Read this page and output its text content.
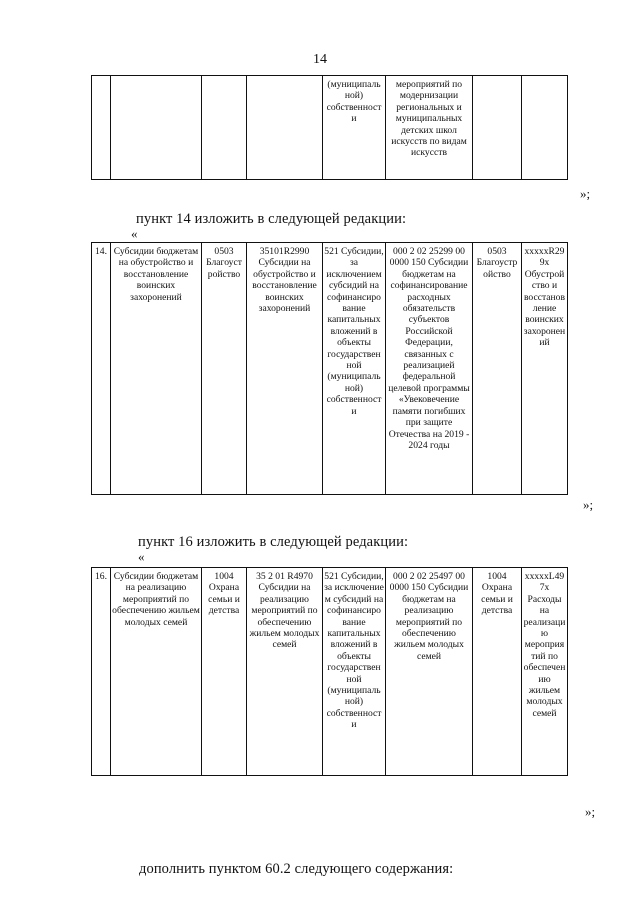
14
				(муниципаль ной) собственност и	мероприятий по модернизации региональных и муниципальных детских школ искусств по видам искусств		
»;
пункт 14 изложить в следующей редакции:
«
14.	Субсидии бюджетам на обустройство и восстановление воинских захоронений	0503 Благоуст ройство	35101R2990 Субсидии на обустройство и восстановление воинских захоронений	521 Субсидии, за исключением субсидий на софинансиро вание капитальных вложений в объекты государствен ной (муниципаль ной) собственност и	000 2 02 25299 00 0000 150 Субсидии бюджетам на софинансирование расходных обязательств субъектов Российской Федерации, связанных с реализацией федеральной целевой программы «Увековечение памяти погибших при защите Отечества на 2019 - 2024 годы	0503 Благоустр ойство	xxxxxR299x Обустройство и восстановление воинских захоронений
»;
пункт 16 изложить в следующей редакции:
«
16.	Субсидии бюджетам на реализацию мероприятий по обеспечению жильем молодых семей	1004 Охрана семьи и детства	35 2 01 R4970 Субсидии на реализацию мероприятий по обеспечению жильем молодых семей	521 Субсидии, за исключение м субсидий на софинансиро вание капитальных вложений в объекты государствен ной (муниципаль ной) собственност и	000 2 02 25497 00 0000 150 Субсидии бюджетам на реализацию мероприятий по обеспечению жильем молодых семей	1004 Охрана семьи и детства	xxxxxL497x Расходы на реализацию мероприятий по обеспечению жильем молодых семей
»;
дополнить пунктом 60.2 следующего содержания:
